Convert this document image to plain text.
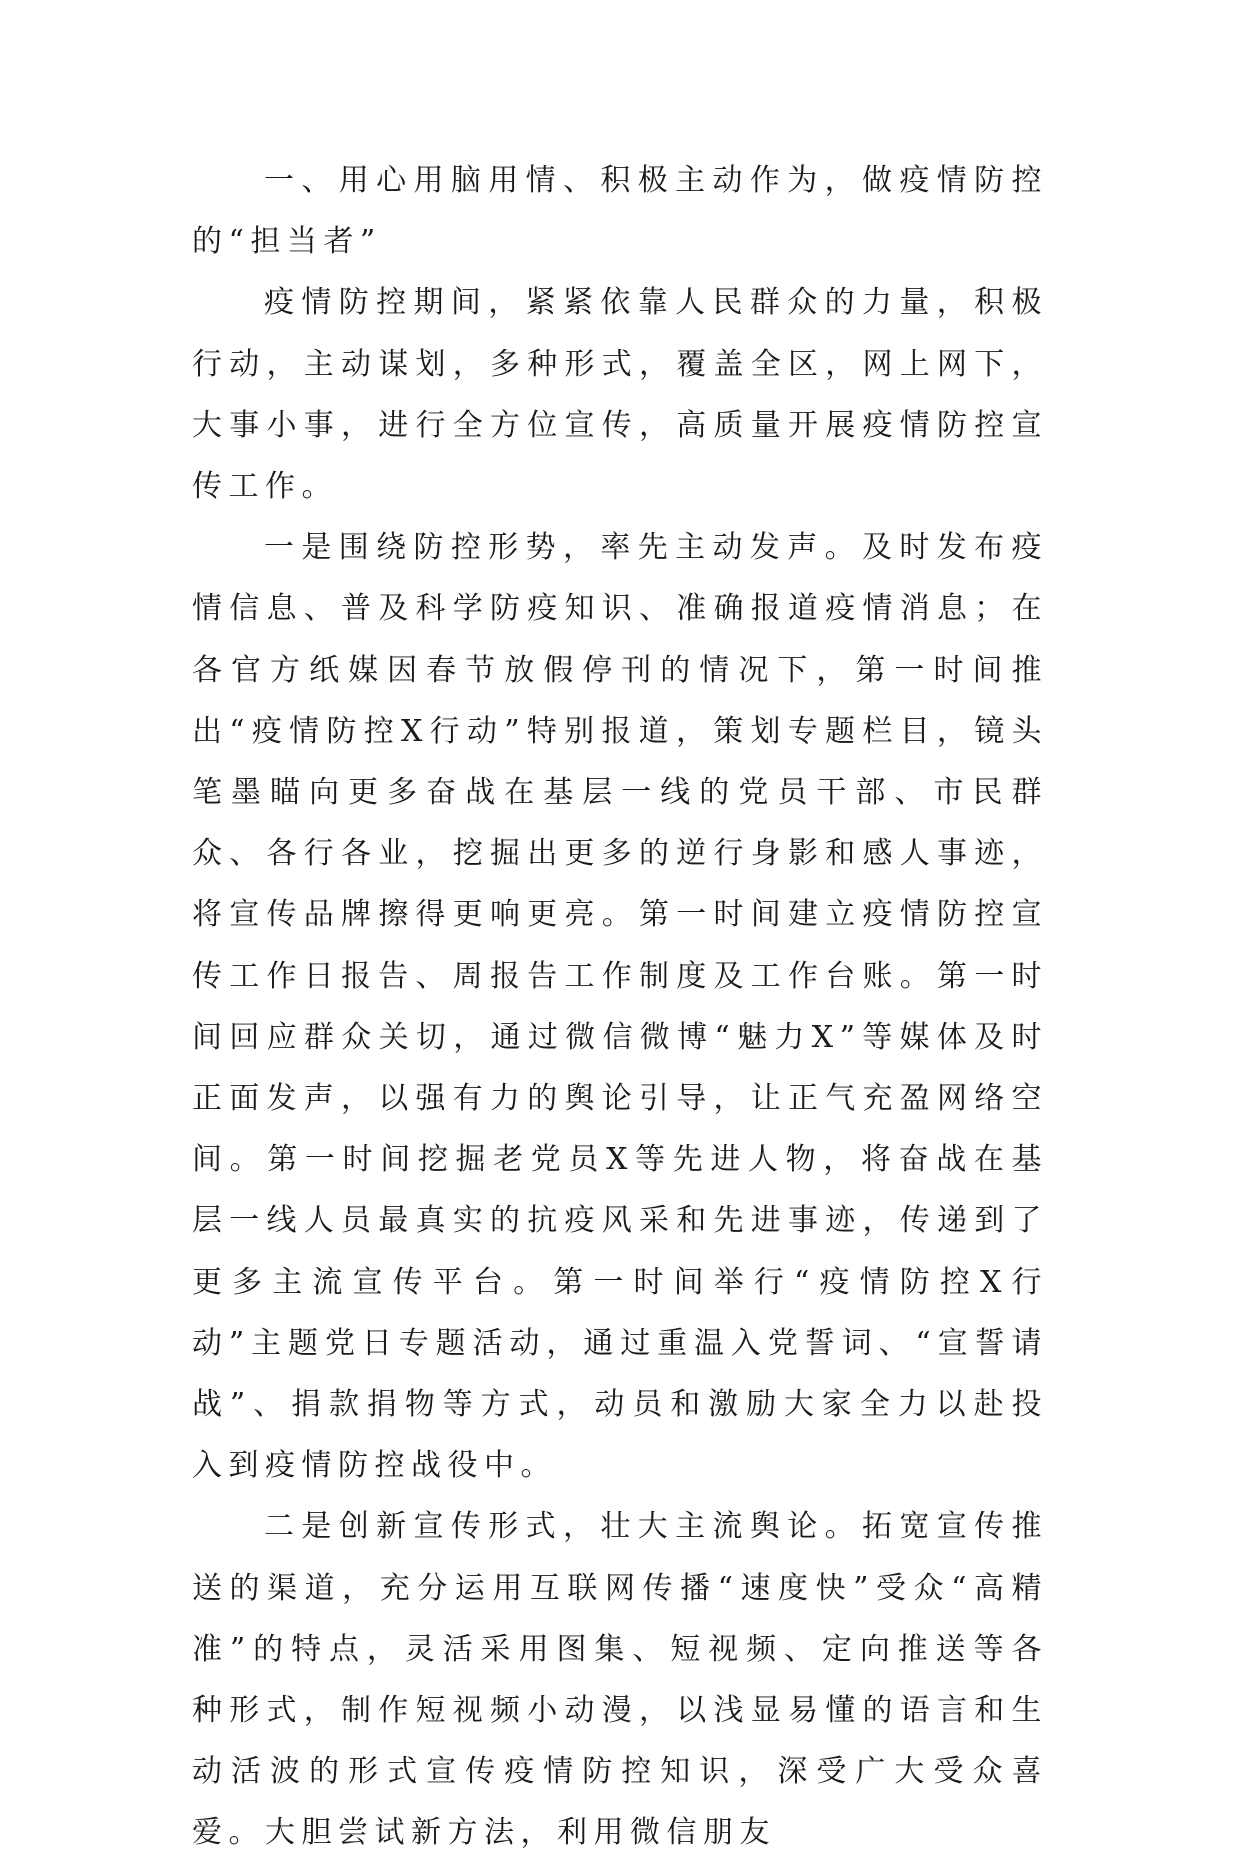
一、用心用脑用情、积极主动作为，做疫情防控的“担当者”

疫情防控期间，紧紧依靠人民群众的力量，积极行动，主动谋划，多种形式，覆盖全区，网上网下，大事小事，进行全方位宣传，高质量开展疫情防控宣传工作。

一是围绕防控形势，率先主动发声。及时发布疫情信息、普及科学防疫知识、准确报道疫情消息；在各官方纸媒因春节放假停刊的情况下，第一时间推出“疫情防控X行动”特别报道，策划专题栏目，镜头笔墨瞄向更多奋战在基层一线的党员干部、市民群众、各行各业，挖掘出更多的逆行身影和感人事迹，将宣传品牌擦得更响更亮。第一时间建立疫情防控宣传工作日报告、周报告工作制度及工作台账。第一时间回应群众关切，通过微信微博“魅力X”等媒体及时正面发声，以强有力的舆论引导，让正气充盈网络空间。第一时间挖掘老党员X等先进人物，将奋战在基层一线人员最真实的抗疫风采和先进事迹，传递到了更多主流宣传平台。第一时间举行“疫情防控X行动”主题党日专题活动，通过重温入党誓词、“宣誓请战”、捐款捐物等方式，动员和激励大家全力以赴投入到疫情防控战役中。

二是创新宣传形式，壮大主流舆论。拓宽宣传推送的渠道，充分运用互联网传播“速度快”受众“高精准”的特点，灵活采用图集、短视频、定向推送等各种形式，制作短视频小动漫，以浅显易懂的语言和生动活波的形式宣传疫情防控知识，深受广大受众喜爱。大胆尝试新方法，利用微信朋友
